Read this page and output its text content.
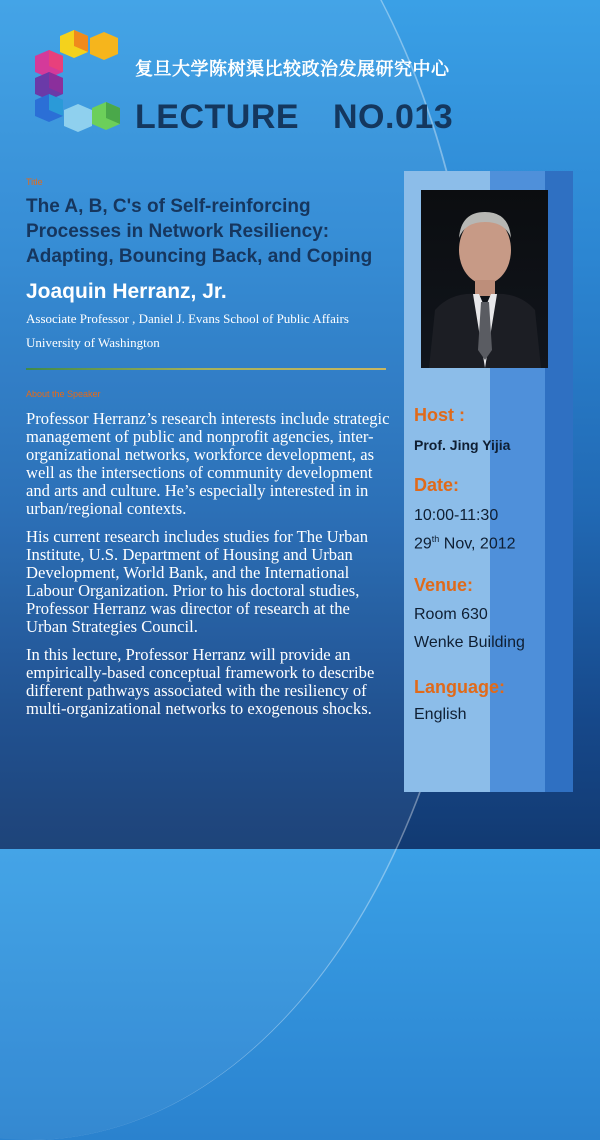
复旦大学陈树渠比较政治发展研究中心
LECTURE NO.013
Title
The A, B, C's of Self-reinforcing Processes in Network Resiliency: Adapting, Bouncing Back, and Coping
Joaquin Herranz, Jr.
Associate Professor , Daniel J. Evans School of Public Affairs
University of Washington
About the Speaker

Professor Herranz’s research interests include strategic management of public and nonprofit agencies, inter-organizational networks, workforce development, as well as the intersections of community development and arts and culture. He’s especially interested in in urban/regional contexts.

His current research includes studies for The Urban Institute, U.S. Department of Housing and Urban Development, World Bank, and the International Labour Organization. Prior to his doctoral studies, Professor Herranz was director of research at the Urban Strategies Council.

In this lecture, Professor Herranz will provide an empirically-based conceptual framework to describe different pathways associated with the resiliency of multi-organizational networks to exogenous shocks.

Host :
Prof. Jing Yijia
Date:
10:00-11:30
29th Nov, 2012
Venue:
Room 630
Wenke Building
Language:
English
